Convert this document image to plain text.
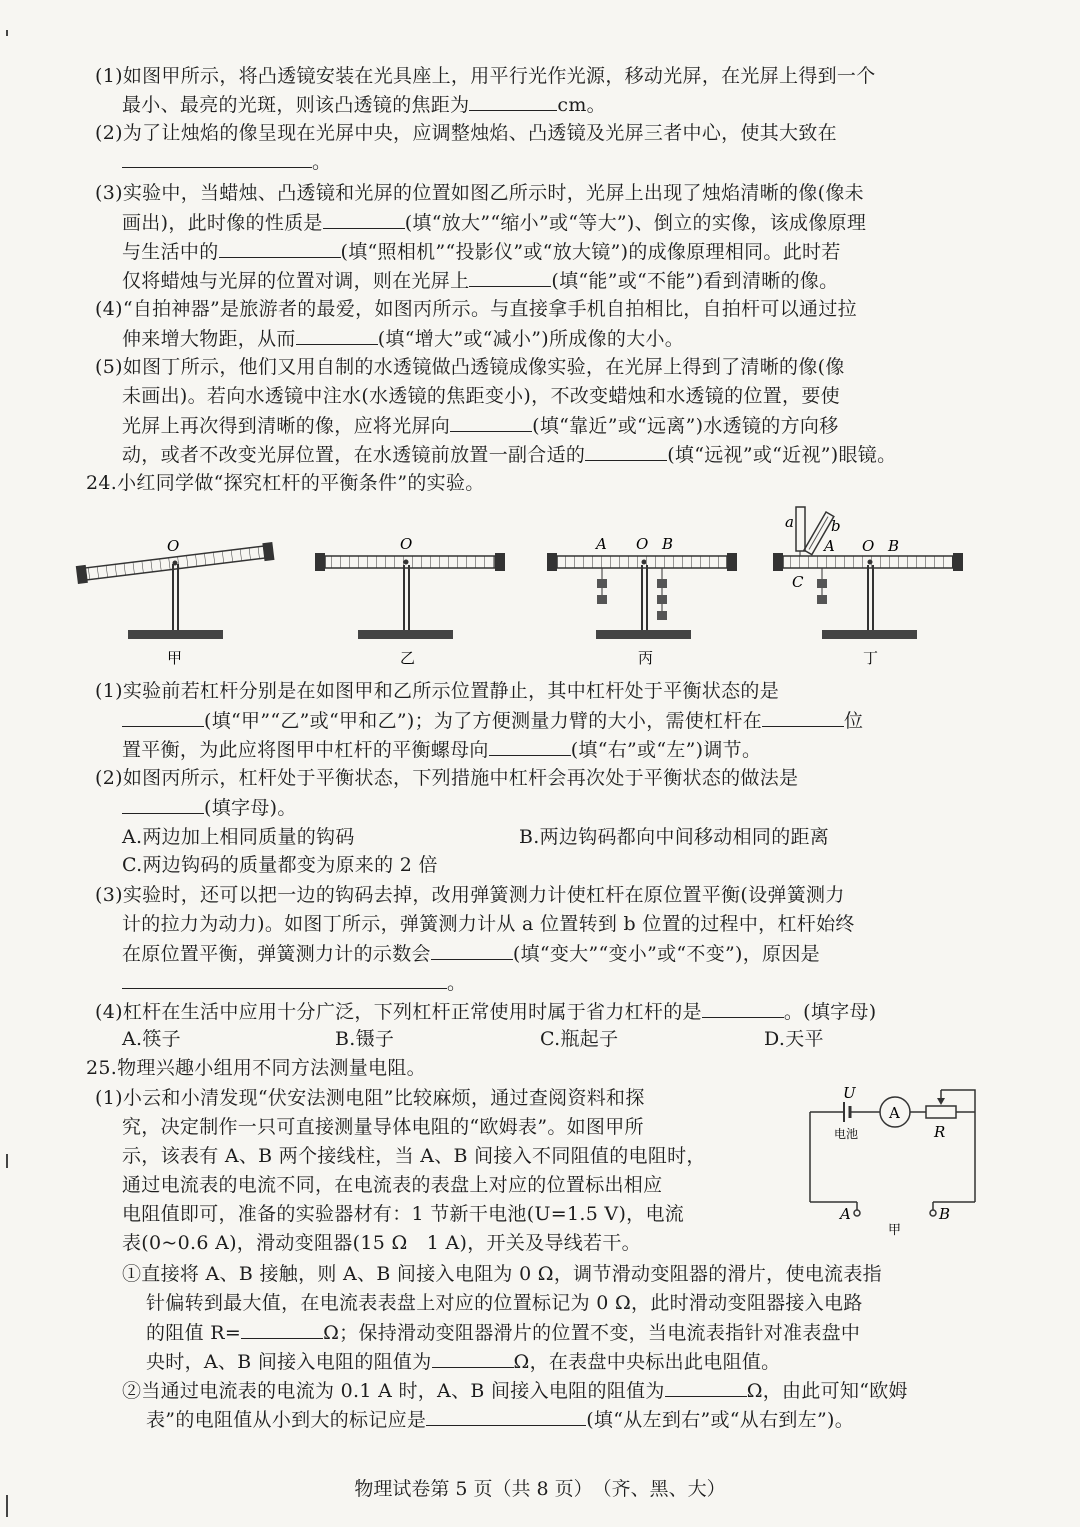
(1)如图甲所示，将凸透镜安装在光具座上，用平行光作光源，移动光屏，在光屏上得到一个
最小、最亮的光斑，则该凸透镜的焦距为	cm。
(2)为了让烛焰的像呈现在光屏中央，应调整烛焰、凸透镜及光屏三者中心，使其大致在
。
(3)实验中，当蜡烛、凸透镜和光屏的位置如图乙所示时，光屏上出现了烛焰清晰的像(像未
画出)，此时像的性质是	(填“放大”“缩小”或“等大”)、倒立的实像，该成像原理
与生活中的	(填“照相机”“投影仪”或“放大镜”)的成像原理相同。此时若
仅将蜡烛与光屏的位置对调，则在光屏上	(填“能”或“不能”)看到清晰的像。
(4)“自拍神器”是旅游者的最爱，如图丙所示。与直接拿手机自拍相比，自拍杆可以通过拉
伸来增大物距，从而	(填“增大”或“减小”)所成像的大小。
(5)如图丁所示，他们又用自制的水透镜做凸透镜成像实验，在光屏上得到了清晰的像(像
未画出)。若向水透镜中注水(水透镜的焦距变小)，不改变蜡烛和水透镜的位置，要使
光屏上再次得到清晰的像，应将光屏向	(填“靠近”或“远离”)水透镜的方向移
动，或者不改变光屏位置，在水透镜前放置一副合适的	(填“远视”或“近视”)眼镜。
24.小红同学做“探究杠杆的平衡条件”的实验。
O
甲
O
乙
A O B
丙
a b
A O B
C
丁
(1)实验前若杠杆分别是在如图甲和乙所示位置静止，其中杠杆处于平衡状态的是
(填“甲”“乙”或“甲和乙”)；为了方便测量力臂的大小，需使杠杆在	位
置平衡，为此应将图甲中杠杆的平衡螺母向	(填“右”或“左”)调节。
(2)如图丙所示，杠杆处于平衡状态，下列措施中杠杆会再次处于平衡状态的做法是
(填字母)。
A.两边加上相同质量的钩码	B.两边钩码都向中间移动相同的距离
C.两边钩码的质量都变为原来的 2 倍
(3)实验时，还可以把一边的钩码去掉，改用弹簧测力计使杠杆在原位置平衡(设弹簧测力
计的拉力为动力)。如图丁所示，弹簧测力计从 a 位置转到 b 位置的过程中，杠杆始终
在原位置平衡，弹簧测力计的示数会	(填“变大”“变小”或“不变”)，原因是
。
(4)杠杆在生活中应用十分广泛，下列杠杆正常使用时属于省力杠杆的是	。(填字母)
A.筷子	B.镊子	C.瓶起子	D.天平
25.物理兴趣小组用不同方法测量电阻。
(1)小云和小清发现“伏安法测电阻”比较麻烦，通过查阅资料和探
究，决定制作一只可直接测量导体电阻的“欧姆表”。如图甲所
示，该表有 A、B 两个接线柱，当 A、B 间接入不同阻值的电阻时，
通过电流表的电流不同，在电流表的表盘上对应的位置标出相应
电阻值即可，准备的实验器材有：1 节新干电池(U=1.5 V)，电流
表(0~0.6 A)，滑动变阻器(15 Ω　1 A)，开关及导线若干。
A
U
电池	R
A	B
甲
①直接将 A、B 接触，则 A、B 间接入电阻为 0 Ω，调节滑动变阻器的滑片，使电流表指
针偏转到最大值，在电流表表盘上对应的位置标记为 0 Ω，此时滑动变阻器接入电路
的阻值 R=	Ω；保持滑动变阻器滑片的位置不变，当电流表指针对准表盘中
央时，A、B 间接入电阻的阻值为	Ω，在表盘中央标出此电阻值。
②当通过电流表的电流为 0.1 A 时，A、B 间接入电阻的阻值为	Ω，由此可知“欧姆
表”的电阻值从小到大的标记应是	(填“从左到右”或“从右到左”)。
物理试卷第 5 页（共 8 页）　（齐、黑、大）
